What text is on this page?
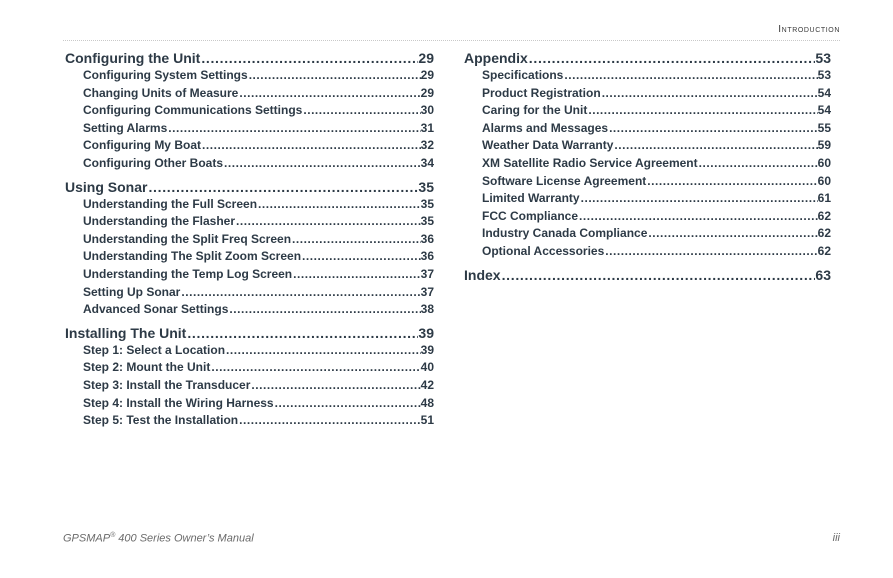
Introduction
Configuring the Unit . . .	29
Configuring System Settings . . .	29
Changing Units of Measure . . .	29
Configuring Communications Settings . . .	30
Setting Alarms . . .	31
Configuring My Boat . . .	32
Configuring Other Boats . . .	34
Using Sonar . . .	35
Understanding the Full Screen . . .	35
Understanding the Flasher . . .	35
Understanding the Split Freq Screen . . .	36
Understanding The Split Zoom Screen . . .	36
Understanding the Temp Log Screen . . .	37
Setting Up Sonar . . .	37
Advanced Sonar Settings . . .	38
Installing The Unit . . .	39
Step 1: Select a Location . . .	39
Step 2: Mount the Unit . . .	40
Step 3: Install the Transducer . . .	42
Step 4: Install the Wiring Harness . . .	48
Step 5: Test the Installation . . .	51
Appendix . . .	53
Specifications . . .	53
Product Registration . . .	54
Caring for the Unit . . .	54
Alarms and Messages . . .	55
Weather Data Warranty . . .	59
XM Satellite Radio Service Agreement . . .	60
Software License Agreement . . .	60
Limited Warranty . . .	61
FCC Compliance . . .	62
Industry Canada Compliance . . .	62
Optional Accessories . . .	62
Index . . .	63
GPSMAP® 400 Series Owner’s Manual	iii
